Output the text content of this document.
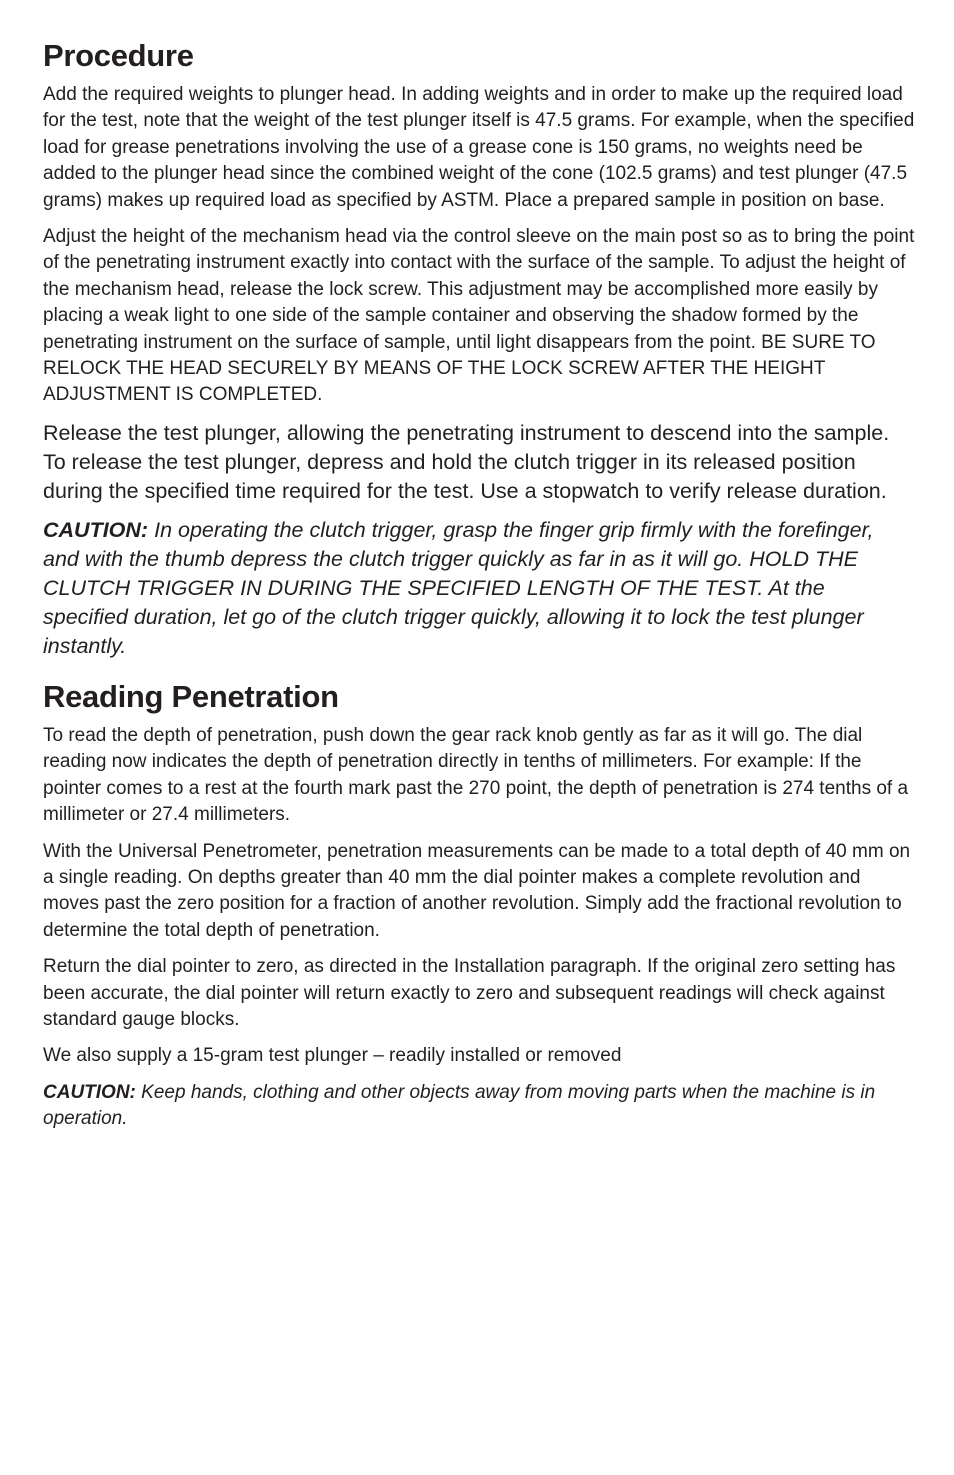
Procedure

Add the required weights to plunger head. In adding weights and in order to make up the required load for the test, note that the weight of the test plunger itself is 47.5 grams. For example, when the specified load for grease penetrations involving the use of a grease cone is 150 grams, no weights need be added to the plunger head since the combined weight of the cone (102.5 grams) and test plunger (47.5 grams) makes up required load as specified by ASTM. Place a prepared sample in position on base.

Adjust the height of the mechanism head via the control sleeve on the main post so as to bring the point of the penetrating instrument exactly into contact with the surface of the sample. To adjust the height of the mechanism head, release the lock screw. This adjustment may be accomplished more easily by placing a weak light to one side of the sample container and observing the shadow formed by the penetrating instrument on the surface of sample, until light disappears from the point. BE SURE TO RELOCK THE HEAD SECURELY BY MEANS OF THE LOCK SCREW AFTER THE HEIGHT ADJUSTMENT IS COMPLETED.

Release the test plunger, allowing the penetrating instrument to descend into the sample. To release the test plunger, depress and hold the clutch trigger in its released position during the specified time required for the test. Use a stopwatch to verify release duration.

CAUTION: In operating the clutch trigger, grasp the finger grip firmly with the forefinger, and with the thumb depress the clutch trigger quickly as far in as it will go. HOLD THE CLUTCH TRIGGER IN DURING THE SPECIFIED LENGTH OF THE TEST. At the specified duration, let go of the clutch trigger quickly, allowing it to lock the test plunger instantly.

Reading Penetration

To read the depth of penetration, push down the gear rack knob gently as far as it will go. The dial reading now indicates the depth of penetration directly in tenths of millimeters. For example: If the pointer comes to a rest at the fourth mark past the 270 point, the depth of penetration is 274 tenths of a millimeter or 27.4 millimeters.

With the Universal Penetrometer, penetration measurements can be made to a total depth of 40 mm on a single reading. On depths greater than 40 mm the dial pointer makes a complete revolution and moves past the zero position for a fraction of another revolution. Simply add the fractional revolution to determine the total depth of penetration.

Return the dial pointer to zero, as directed in the Installation paragraph. If the original zero setting has been accurate, the dial pointer will return exactly to zero and subsequent readings will check against standard gauge blocks.

We also supply a 15-gram test plunger – readily installed or removed

CAUTION: Keep hands, clothing and other objects away from moving parts when the machine is in operation.
